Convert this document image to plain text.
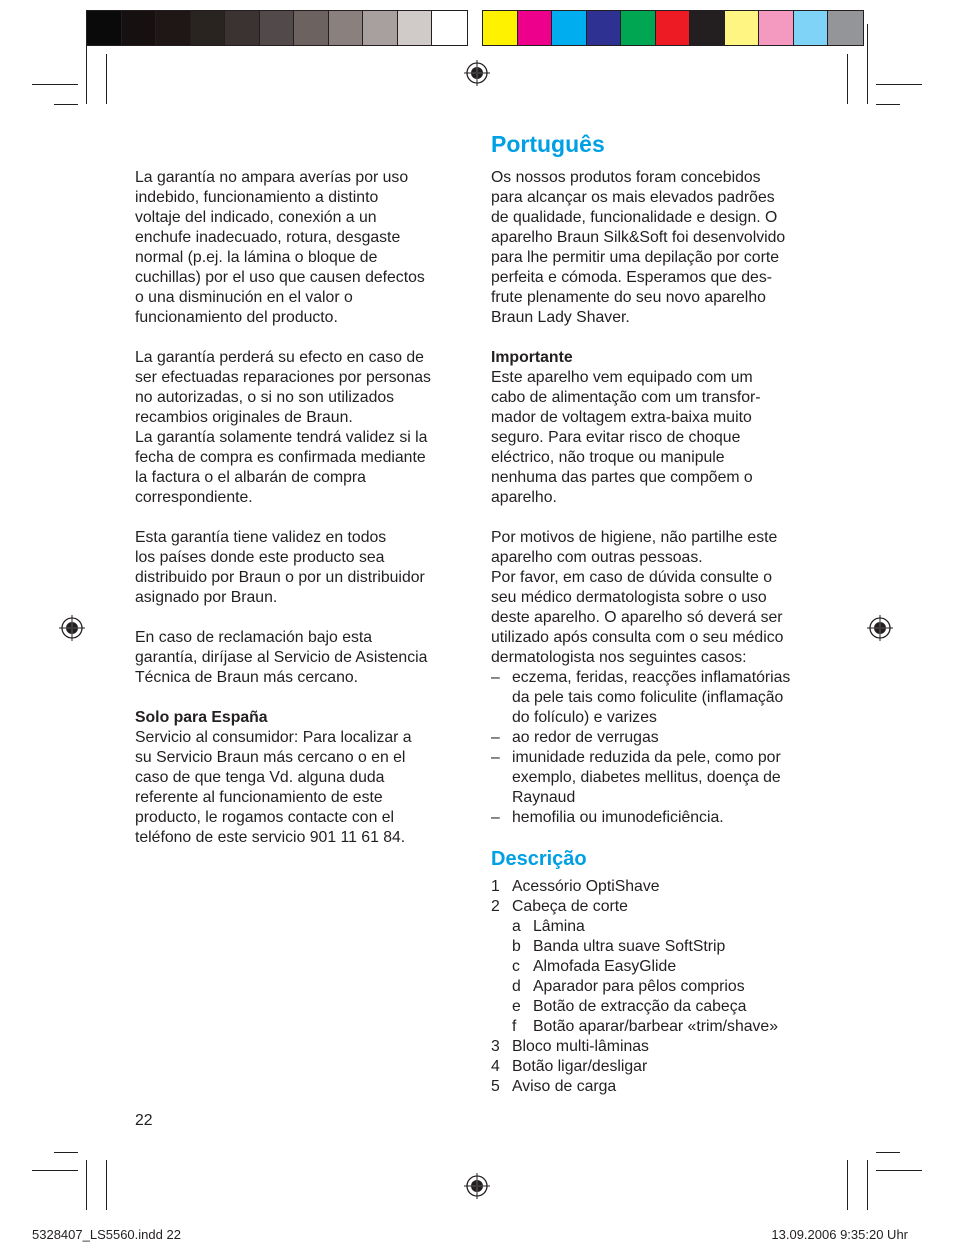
La garantía no ampara averías por uso

indebido, funcionamiento a distinto

voltaje del indicado, conexión a un

enchufe inadecuado, rotura, desgaste

normal (p.ej. la lámina o bloque de

cuchillas) por el uso que causen defectos

o una disminución en el valor o

funcionamiento del producto.

La garantía perderá su efecto en caso de

ser efectuadas reparaciones por personas

no autorizadas, o si no son utilizados

recambios originales de Braun.

La garantía solamente tendrá validez si la

fecha de compra es confirmada mediante

la factura o el albarán de compra

correspondiente.

Esta garantía tiene validez en todos

los países donde este producto sea

distribuido por Braun o por un distribuidor

asignado por Braun.

En caso de reclamación bajo esta

garantía, diríjase al Servicio de Asistencia

Técnica de Braun más cercano.

Solo para España

Servicio al consumidor: Para localizar a

su Servicio Braun más cercano o en el

caso de que tenga Vd. alguna duda

referente al funcionamiento de este

producto, le rogamos contacte con el

teléfono de este servicio 901 11 61 84.

Português

Os nossos produtos foram concebidos

para alcançar os mais elevados padrões

de qualidade, funcionalidade e design. O

aparelho Braun Silk&Soft foi desenvolvido

para lhe permitir uma depilação por corte

perfeita e cómoda. Esperamos que des-

frute plenamente do seu novo aparelho

Braun Lady Shaver.

Importante

Este aparelho vem equipado com um

cabo de alimentação com um transfor-

mador de voltagem extra-baixa muito

seguro. Para evitar risco de choque

eléctrico, não troque ou manipule

nenhuma das partes que compõem o

aparelho.

Por motivos de higiene, não partilhe este

aparelho com outras pessoas.

Por favor, em caso de dúvida consulte o

seu médico dermatologista sobre o uso

deste aparelho. O aparelho só deverá ser

utilizado após consulta com o seu médico

dermatologista nos seguintes casos:

– eczema, feridas, reacções inflamatórias
da pele tais como foliculite (inflamação
do folículo) e varizes
– ao redor de verrugas
– imunidade reduzida da pele, como por
exemplo, diabetes mellitus, doença de
Raynaud
– hemofilia ou imunodeficiência.
Descrição
1 Acessório OptiShave
2 Cabeça de corte
a Lâmina
b Banda ultra suave SoftStrip
c Almofada EasyGlide
d Aparador para pêlos comprios
e Botão de extracção da cabeça
f	Botão aparar/barbear «trim/shave»
3 Bloco multi-lâminas
4 Botão ligar/desligar
5 Aviso de carga
22
5328407_LS5560.indd 22	13.09.2006 9:35:20 Uhr
